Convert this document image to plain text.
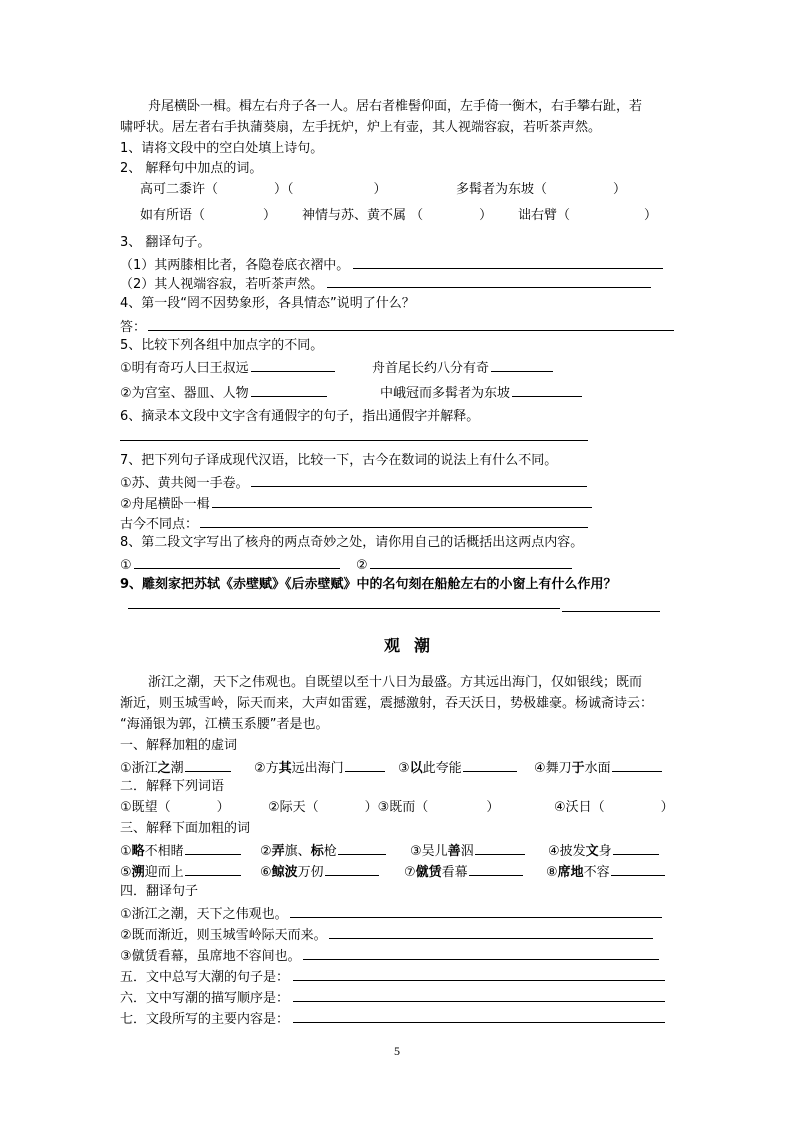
舟尾横卧一楫。楫左右舟子各一人。居右者椎髻仰面，左手倚一衡木，右手攀右趾，若
啸呼状。居左者右手执蒲葵扇，左手抚炉，炉上有壶，其人视端容寂，若听茶声然。
1、请将文段中的空白处填上诗句。
2、 解释句中加点的词。
高可二黍许（	）（	）	多髯者为东坡（	）
如有所语（	） 神情与苏、黄不属 （	） 诎右臂（	）
3、 翻译句子。
（1）其两膝相比者，各隐卷底衣褶中。
（2）其人视端容寂，若听茶声然。
4、第一段“罔不因势象形，各具情态”说明了什么？
答：
5、比较下列各组中加点字的不同。
①明有奇巧人曰王叔远	舟首尾长约八分有奇
②为宫室、器皿、人物	中峨冠而多髯者为东坡
6、摘录本文段中文字含有通假字的句子，指出通假字并解释。
7、把下列句子译成现代汉语，比较一下，古今在数词的说法上有什么不同。
①苏、黄共阅一手卷。
②舟尾横卧一楫
古今不同点：
8、第二段文字写出了核舟的两点奇妙之处，请你用自己的话概括出这两点内容。
①	②
9、雕刻家把苏轼《赤壁赋》《后赤壁赋》中的名句刻在船舱左右的小窗上有什么作用？
观潮
浙江之潮，天下之伟观也。自既望以至十八日为最盛。方其远出海门，仅如银线；既而
渐近，则玉城雪岭，际天而来，大声如雷霆，震撼激射，吞天沃日，势极雄豪。杨诚斋诗云：
“海涌银为郭，江横玉系腰”者是也。
一、解释加粗的虚词
①浙江之潮	②方其远出海门	③以此夸能	④舞刀于水面
二．解释下列词语
①既望（	）	②际天（	）③既而（	）	④沃日（	）
三、解释下面加粗的词
①略不相睹	②弄旗、标枪	③吴儿善泅	④披发文身
⑤溯迎而上	⑥鲸波万仞	⑦僦赁看幕	⑧席地不容
四．翻译句子
①浙江之潮，天下之伟观也。
②既而渐近，则玉城雪岭际天而来。
③僦赁看幕，虽席地不容间也。
五．文中总写大潮的句子是：
六．文中写潮的描写顺序是：
七．文段所写的主要内容是：
5
